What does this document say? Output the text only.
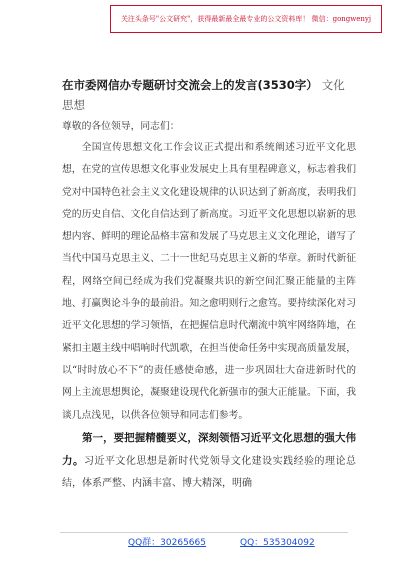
关注头条号"公文研究"，获得最新最全最专业的公文资料库！ 微信：gongwenyj

在市委网信办专题研讨交流会上的发言(3530字） 文化思想

尊敬的各位领导，同志们：

全国宣传思想文化工作会议正式提出和系统阐述习近平文化思想，在党的宣传思想文化事业发展史上具有里程碑意义，标志着我们党对中国特色社会主义文化建设规律的认识达到了新高度，表明我们党的历史自信、文化自信达到了新高度。习近平文化思想以崭新的思想内容、鲜明的理论品格丰富和发展了马克思主义文化理论，谱写了当代中国马克思主义、二十一世纪马克思主义新的华章。新时代新征程，网络空间已经成为我们党凝聚共识的新空间汇聚正能量的主阵地、打赢舆论斗争的最前沿。知之愈明则行之愈笃。要持续深化对习近平文化思想的学习领悟，在把握信息时代潮流中筑牢网络阵地，在紧扣主题主线中唱响时代凯歌，在担当使命任务中实现高质量发展，以“时时放心不下”的责任感使命感，进一步巩固壮大奋进新时代的网上主流思想舆论，凝聚建设现代化新强市的强大正能量。下面，我谈几点浅见，以供各位领导和同志们参考。

第一，要把握精髓要义，深刻领悟习近平文化思想的强大伟力。习近平文化思想是新时代党领导文化建设实践经验的理论总结，体系严整、内涵丰富、博大精深，明确

QQ群：30265665	QQ：535304092
